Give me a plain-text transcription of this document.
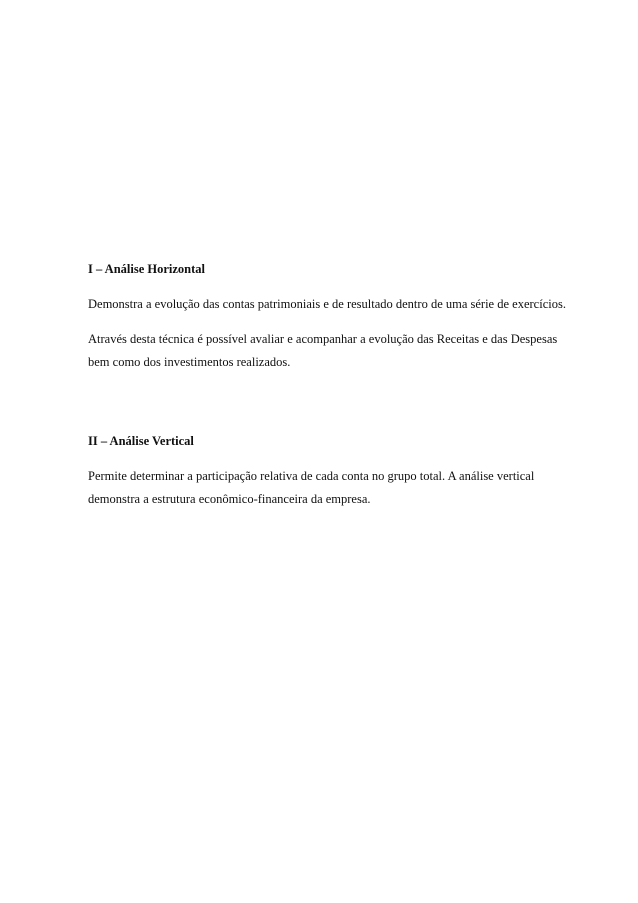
I – Análise Horizontal
Demonstra a evolução das contas patrimoniais e de resultado dentro de uma série de exercícios.
Através desta técnica é possível avaliar e acompanhar a evolução das Receitas e das Despesas bem como dos investimentos realizados.
II – Análise Vertical
Permite determinar a participação relativa de cada conta no grupo total. A análise vertical demonstra a estrutura econômico-financeira da empresa.
